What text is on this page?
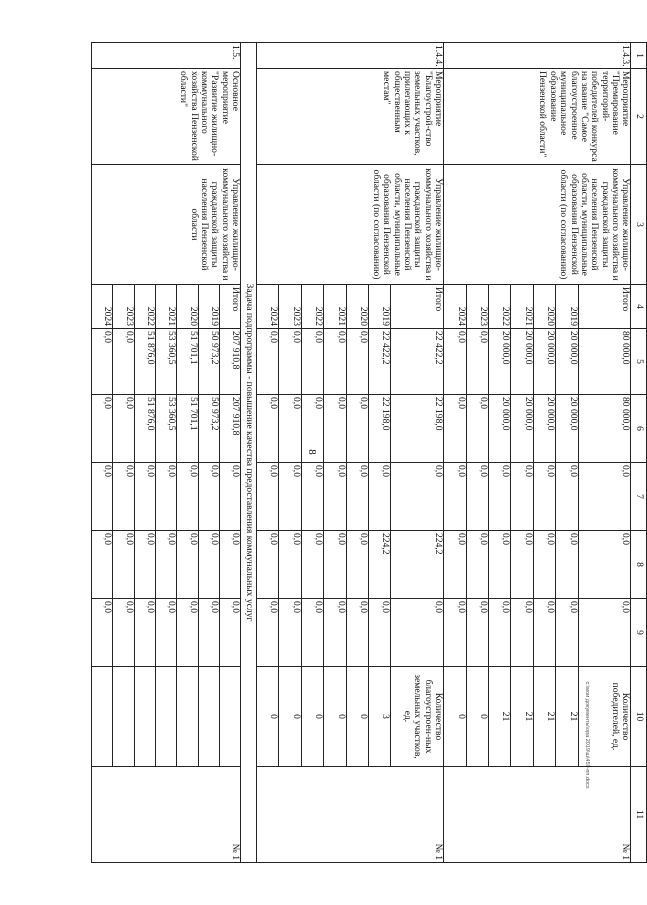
8
c:\мои документы\ора 2019\ш\459-пп.docx
1	2	3	4	5	6	7	8	9	10	11
1.4.3.	Мероприятие "Премирование территорий-победителей конкурса на звание "Самое благоустроенное муниципальное образование Пензенской области"	Управление жилищно-коммунального хозяйства и гражданской защиты населения Пензенской области, муниципальные образования Пензенской области (по согласованию)	Итого	80 000,0	80 000,0	0,0	0,0	0,0	Количество победителей, ед.	№ 1
			2019	20 000,0	20 000,0	0,0	0,0	0,0	21	
			2020	20 000,0	20 000,0	0,0	0,0	0,0	21	
			2021	20 000,0	20 000,0	0,0	0,0	0,0	21	
			2022	20 000,0	20 000,0	0,0	0,0	0,0	21	
			2023	0,0	0,0	0,0	0,0	0,0	0	
			2024	0,0	0,0	0,0	0,0	0,0	0	
1.4.4.	Мероприятие "Благоустрой-ство земельных участков, прилегающих к общественным местам"	Управление жилищно-коммунального хозяйства и гражданской защиты населения Пензенской области, муниципальные образования Пензенской области (по согласованию)	Итого	22 422,2	22 198,0	0,0	224,2	0,0	Количество благоустроен-ных земельных участков, ед.	№ 1
			2019	22 422,2	22 198,0	0,0	224,2	0,0	3	
			2020	0,0	0,0	0,0	0,0	0,0	0	
			2021	0,0	0,0	0,0	0,0	0,0	0	
			2022	0,0	0,0	0,0	0,0	0,0	0	
			2023	0,0	0,0	0,0	0,0	0,0	0	
			2024	0,0	0,0	0,0	0,0	0,0	0	
Задача подпрограммы - повышение качества предоставления коммунальных услуг										
1.5.	Основное мероприятие "Развитие жилищно-коммунального хозяйства Пензенской области"	Управление жилищно-коммунального хозяйства и гражданской защиты населения Пензенской области	Итого	207 910,8	207 910,8	0,0	0,0	0,0		№ 1
			2019	50 973,2	50 973,2	0,0	0,0	0,0		
			2020	51 701,1	51 701,1	0,0	0,0	0,0		
			2021	53 360,5	53 360,5	0,0	0,0	0,0		
			2022	51 876,0	51 876,0	0,0	0,0	0,0		
			2023	0,0	0,0	0,0	0,0	0,0		
			2024	0,0	0,0	0,0	0,0	0,0		
